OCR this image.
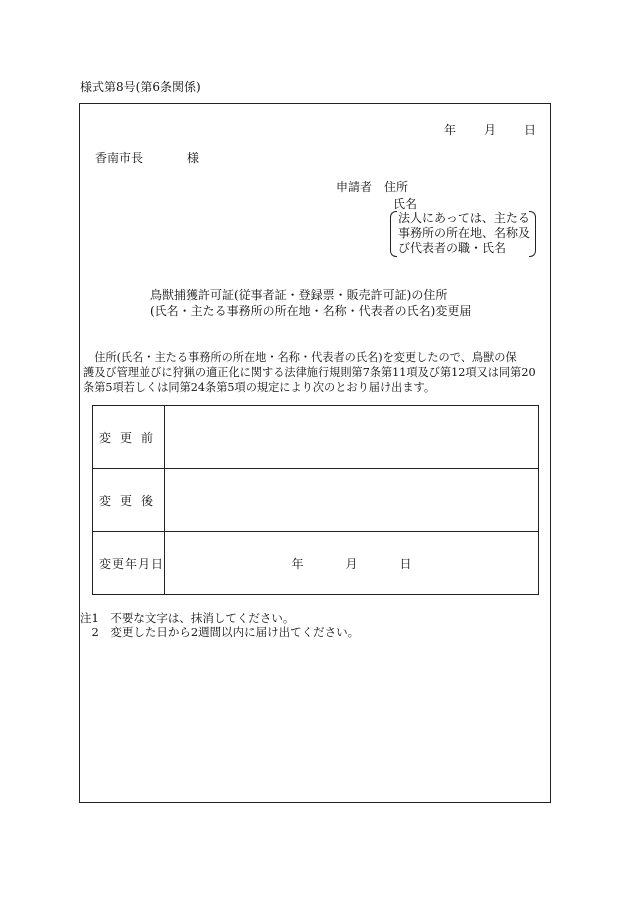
様式第8号(第6条関係)
年 月 日
香南市長	様
申請者 住所
氏名
法人にあっては、主たる
事務所の所在地、名称及
び代表者の職・氏名
鳥獣捕獲許可証(従事者証・登録票・販売許可証)の住所
(氏名・主たる事務所の所在地・名称・代表者の氏名)変更届
　住所(氏名・主たる事務所の所在地・名称・代表者の氏名)を変更したので、鳥獣の保
護及び管理並びに狩猟の適正化に関する法律施行規則第7条第11項及び第12項又は同第20
条第5項若しくは同第24条第5項の規定により次のとおり届け出ます。
変更前	
変更後	
変更年月日	年 月 日
注1　不要な文字は、抹消してください。
　2　変更した日から2週間以内に届け出てください。
